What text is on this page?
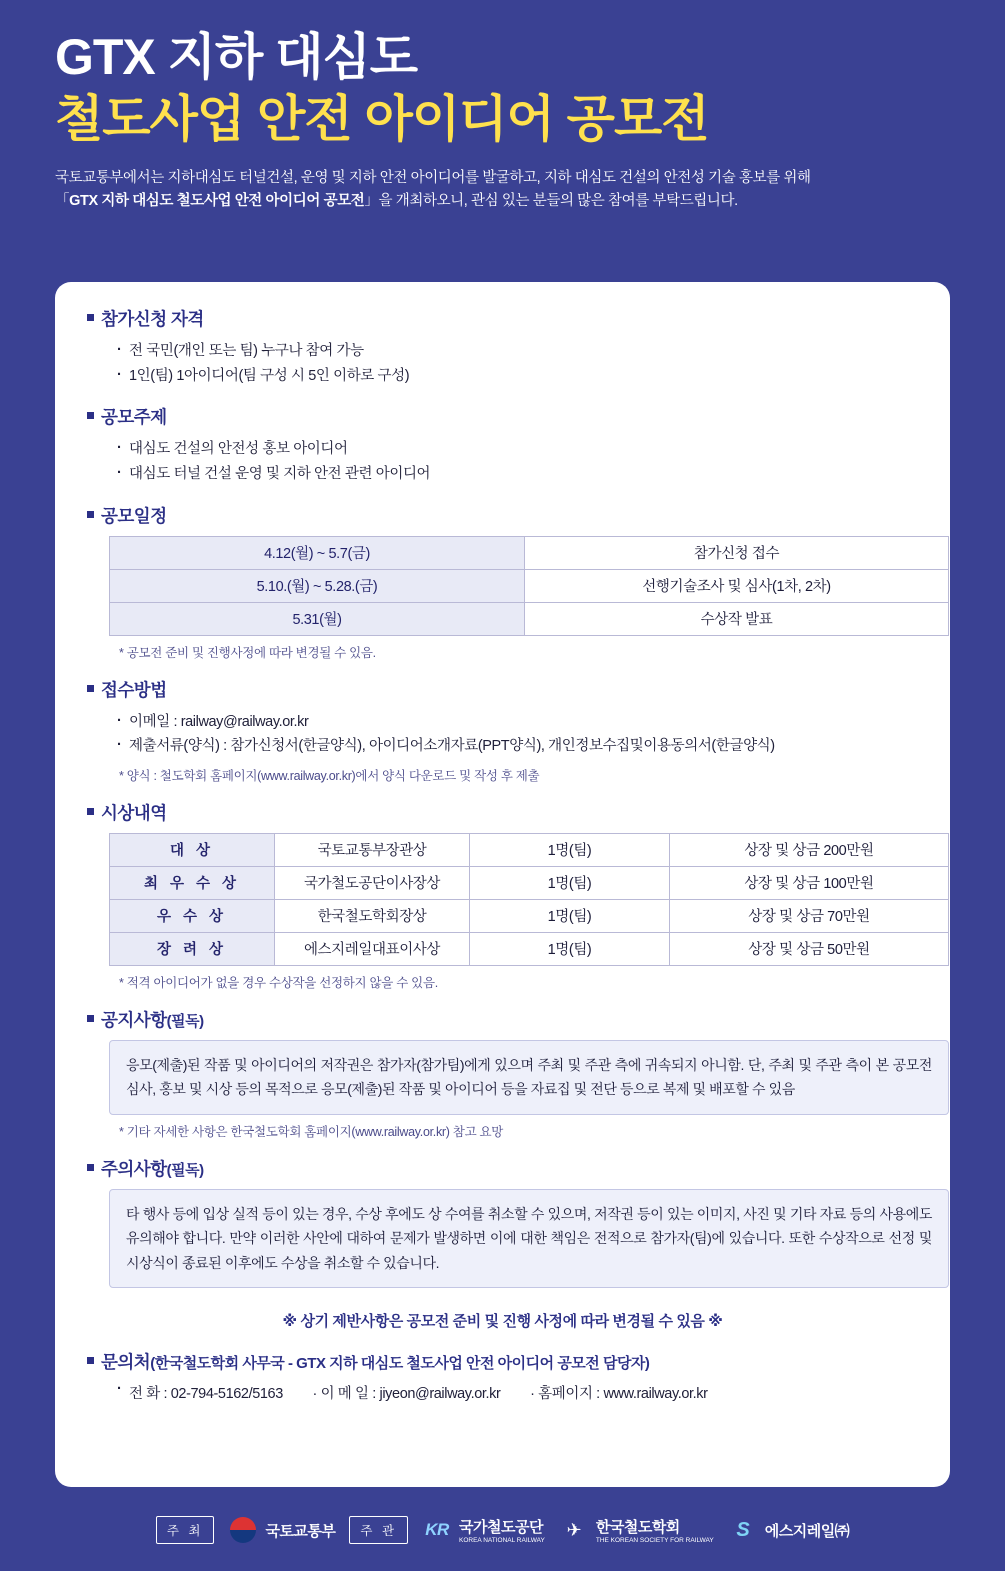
GTX 지하 대심도
철도사업 안전 아이디어 공모전

국토교통부에서는 지하대심도 터널건설, 운영 및 지하 안전 아이디어를 발굴하고, 지하 대심도 건설의 안전성 기술 홍보를 위해
「GTX 지하 대심도 철도사업 안전 아이디어 공모전」을 개최하오니, 관심 있는 분들의 많은 참여를 부탁드립니다.

참가신청 자격
· 전 국민(개인 또는 팀) 누구나 참여 가능
· 1인(팀) 1아이디어(팀 구성 시 5인 이하로 구성)
공모주제
· 대심도 건설의 안전성 홍보 아이디어
· 대심도 터널 건설 운영 및 지하 안전 관련 아이디어
공모일정
4.12(월) ~ 5.7(금)	참가신청 접수
5.10.(월) ~ 5.28.(금)	선행기술조사 및 심사(1차, 2차)
5.31(월)	수상작 발표
* 공모전 준비 및 진행사정에 따라 변경될 수 있음.
접수방법
· 이메일 : railway@railway.or.kr
· 제출서류(양식) : 참가신청서(한글양식), 아이디어소개자료(PPT양식), 개인정보수집및이용동의서(한글양식)
* 양식 : 철도학회 홈페이지(www.railway.or.kr)에서 양식 다운로드 및 작성 후 제출
시상내역
대 상	국토교통부장관상	1명(팀)	상장 및 상금 200만원
최 우 수 상	국가철도공단이사장상	1명(팀)	상장 및 상금 100만원
우 수 상	한국철도학회장상	1명(팀)	상장 및 상금 70만원
장 려 상	에스지레일대표이사상	1명(팀)	상장 및 상금 50만원
* 적격 아이디어가 없을 경우 수상작을 선정하지 않을 수 있음.
공지사항(필독)
응모(제출)된 작품 및 아이디어의 저작권은 참가자(참가팀)에게 있으며 주최 및 주관 측에 귀속되지 아니함. 단, 주최 및 주관 측이 본 공모전 심사, 홍보 및 시상 등의 목적으로 응모(제출)된 작품 및 아이디어 등을 자료집 및 전단 등으로 복제 및 배포할 수 있음
* 기타 자세한 사항은 한국철도학회 홈페이지(www.railway.or.kr) 참고 요망
주의사항(필독)
타 행사 등에 입상 실적 등이 있는 경우, 수상 후에도 상 수여를 취소할 수 있으며, 저작권 등이 있는 이미지, 사진 및 기타 자료 등의 사용에도 유의해야 합니다. 만약 이러한 사안에 대하여 문제가 발생하면 이에 대한 책임은 전적으로 참가자(팀)에 있습니다. 또한 수상작으로 선정 및 시상식이 종료된 이후에도 수상을 취소할 수 있습니다.
※ 상기 제반사항은 공모전 준비 및 진행 사정에 따라 변경될 수 있음 ※
문의처(한국철도학회 사무국 - GTX 지하 대심도 철도사업 안전 아이디어 공모전 담당자)
· 전 화 : 02-794-5162/5163 · 이 메 일 : jiyeon@railway.or.kr · 홈페이지 : www.railway.or.kr
주 최	국토교통부	주 관	KR 국가철도공단
KOREA NATIONAL RAILWAY
✈ 한국철도학회
THE KOREAN SOCIETY FOR RAILWAY	S	에스지레일㈜
